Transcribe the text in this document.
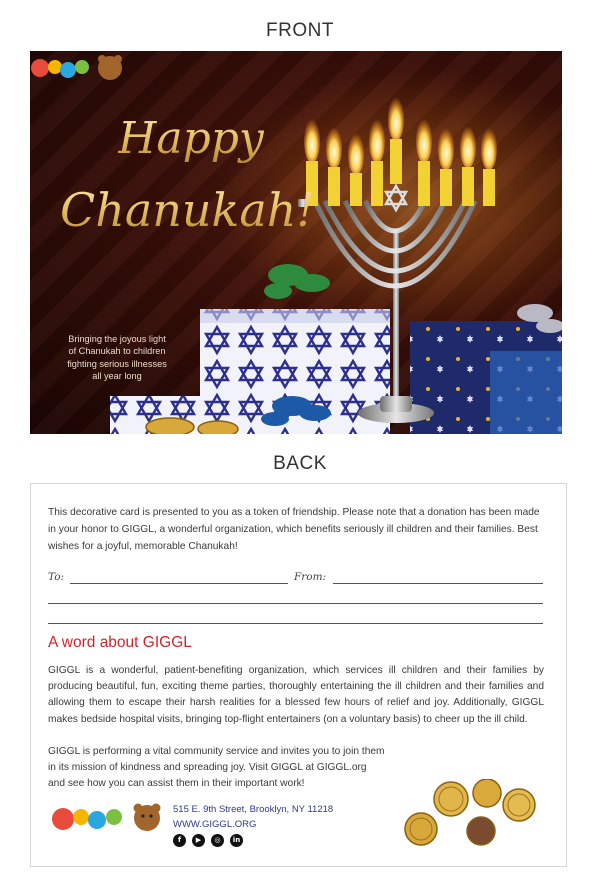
FRONT
Happy
Chanukah!
Bringing the joyous light
of Chanukah to children
fighting serious illnesses
all year long
BACK
This decorative card is presented to you as a token of friendship. Please note that a donation has been made in your honor to GIGGL, a wonderful organization, which benefits seriously ill children and their families. Best wishes for a joyful, memorable Chanukah!
To:	From:
A word about GIGGL
GIGGL is a wonderful, patient-benefiting organization, which services ill children and their families by producing beautiful, fun, exciting theme parties, thoroughly entertaining the ill children and their families and allowing them to escape their harsh realities for a blessed few hours of relief and joy. Additionally, GIGGL makes bedside hospital visits, bringing top-flight entertainers (on a voluntary basis) to cheer up the ill child.
GIGGL is performing a vital community service and invites you to join them
in its mission of kindness and spreading joy. Visit GIGGL at GIGGL.org
and see how you can assist them in their important work!
515 E. 9th Street, Brooklyn, NY 11218
WWW.GIGGL.ORG
f	▶	◎	in
